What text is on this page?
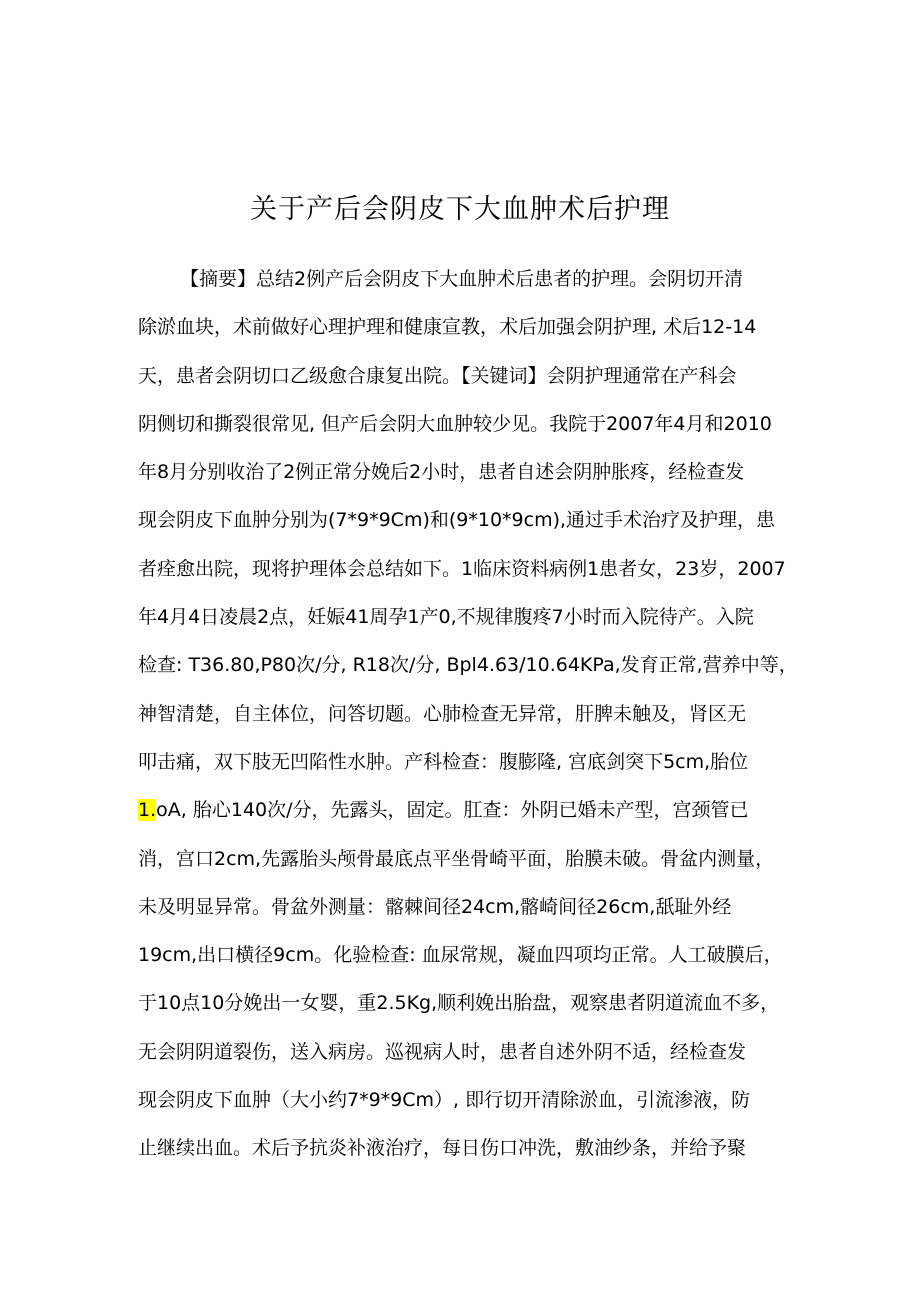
关于产后会阴皮下大血肿术后护理
【摘要】总结2例产后会阴皮下大血肿术后患者的护理。会阴切开清
除淤血块，术前做好心理护理和健康宣教，术后加强会阴护理, 术后12-14
天，患者会阴切口乙级愈合康复出院。【关键词】会阴护理通常在产科会
阴侧切和撕裂很常见, 但产后会阴大血肿较少见。我院于2007年4月和2010
年8月分别收治了2例正常分娩后2小时，患者自述会阴肿胀疼，经检查发
现会阴皮下血肿分别为(7*9*9Cm)和(9*10*9cm),通过手术治疗及护理，患
者痊愈出院，现将护理体会总结如下。1临床资料病例1患者女，23岁，2007
年4月4日凌晨2点，妊娠41周孕1产0,不规律腹疼7小时而入院待产。入院
检查: T36.80,P80次/分, R18次/分, Bpl4.63∕10.64KPa,发育正常,营养中等，
神智清楚，自主体位，问答切题。心肺检查无异常，肝脾未触及，肾区无
叩击痛，双下肢无凹陷性水肿。产科检查：腹膨隆, 宫底剑突下5cm,胎位
1.oA, 胎心140次/分，先露头，固定。肛查：外阴已婚未产型，宫颈管已
消，宫口2cm,先露胎头颅骨最底点平坐骨崎平面，胎膜未破。骨盆内测量，
未及明显异常。骨盆外测量：髂棘间径24cm,髂崎间径26cm,舐耻外经
19cm,出口横径9cm。化验检查: 血尿常规，凝血四项均正常。人工破膜后，
于10点10分娩出一女婴，重2.5Kg,顺利娩出胎盘，观察患者阴道流血不多，
无会阴阴道裂伤，送入病房。巡视病人时，患者自述外阴不适，经检查发
现会阴皮下血肿（大小约7*9*9Cm）, 即行切开清除淤血，引流渗液，防
止继续出血。术后予抗炎补液治疗，每日伤口冲洗，敷油纱条，并给予聚
